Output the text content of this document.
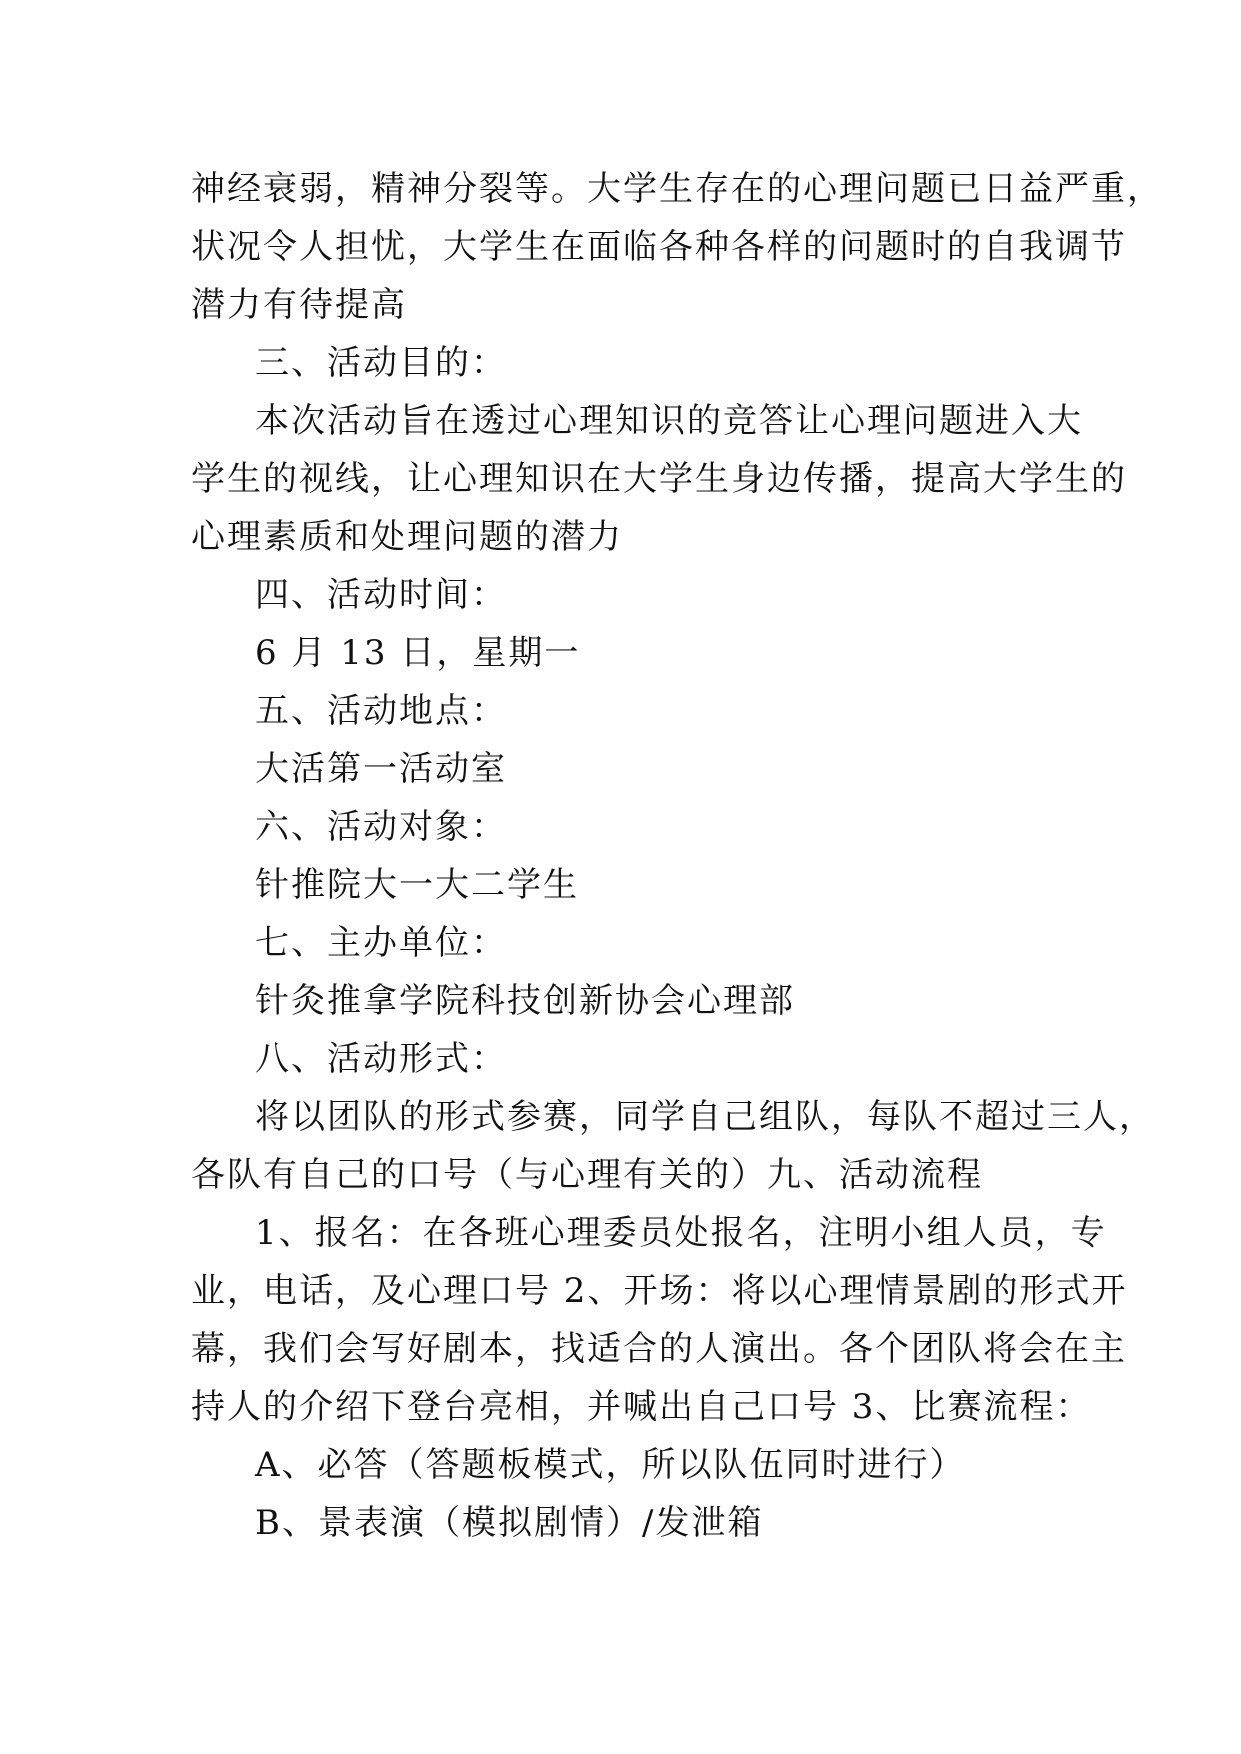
神经衰弱，精神分裂等。大学生存在的心理问题已日益严重，

状况令人担忧，大学生在面临各种各样的问题时的自我调节

潜力有待提高

三、活动目的：

本次活动旨在透过心理知识的竞答让心理问题进入大

学生的视线，让心理知识在大学生身边传播，提高大学生的

心理素质和处理问题的潜力

四、活动时间：

6 月 13 日，星期一

五、活动地点：

大活第一活动室

六、活动对象：

针推院大一大二学生

七、主办单位：

针灸推拿学院科技创新协会心理部

八、活动形式：

将以团队的形式参赛，同学自己组队，每队不超过三人，

各队有自己的口号（与心理有关的）九、活动流程

1、报名：在各班心理委员处报名，注明小组人员，专

业，电话，及心理口号 2、开场：将以心理情景剧的形式开

幕，我们会写好剧本，找适合的人演出。各个团队将会在主

持人的介绍下登台亮相，并喊出自己口号 3、比赛流程：

A、必答（答题板模式，所以队伍同时进行）

B、景表演（模拟剧情）/发泄箱
